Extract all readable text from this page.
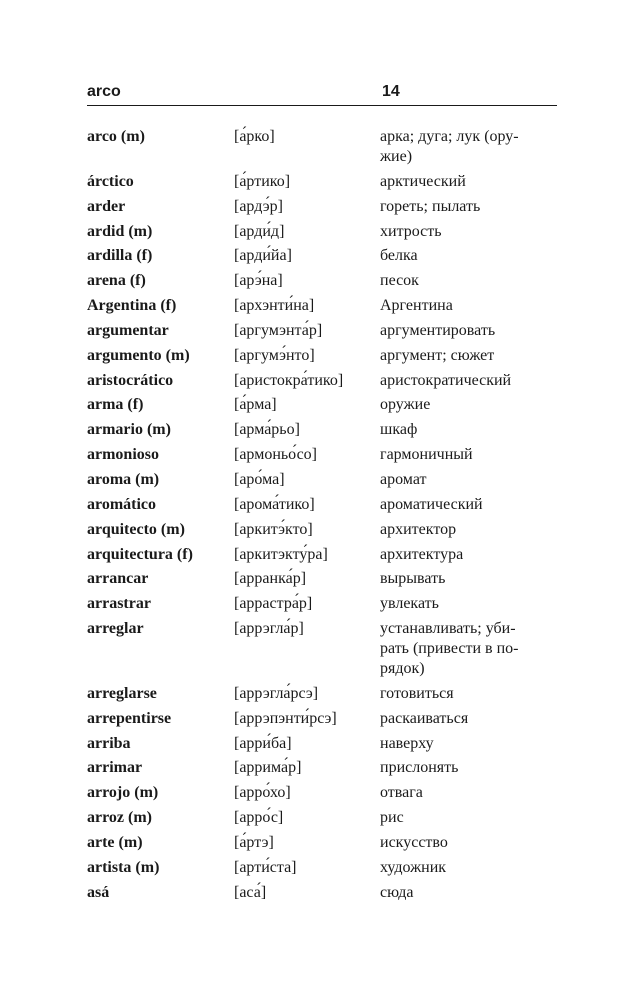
arco	14
arco (m)	[а́рко]	арка; дуга; лук (ору-
жие)
árctico	[а́ртико]	арктический
arder	[ардэ́р]	гореть; пылать
ardid (m)	[арди́д]	хитрость
ardilla (f)	[арди́йа]	белка
arena (f)	[арэ́на]	песок
Argentina (f)	[архэнти́на]	Аргентина
argumentar	[аргумэнта́р]	аргументировать
argumento (m)	[аргумэ́нто]	аргумент; сюжет
aristocrático	[аристокра́тико]	аристократический
arma (f)	[а́рма]	оружие
armario (m)	[арма́рьо]	шкаф
armonioso	[армоньо́со]	гармоничный
aroma (m)	[аро́ма]	аромат
aromático	[арома́тико]	ароматический
arquitecto (m)	[аркитэ́кто]	архитектор
arquitectura (f)	[аркитэкту́ра]	архитектура
arrancar	[арранка́р]	вырывать
arrastrar	[аррастра́р]	увлекать
arreglar	[аррэгла́р]	устанавливать; уби-
рать (привести в по-
рядок)
arreglarse	[аррэгла́рсэ]	готовиться
arrepentirse	[аррэпэнти́рсэ]	раскаиваться
arriba	[арри́ба]	наверху
arrimar	[аррима́р]	прислонять
arrojo (m)	[арро́хо]	отвага
arroz (m)	[арро́с]	рис
arte (m)	[а́ртэ]	искусство
artista (m)	[арти́ста]	художник
asá	[аса́]	сюда
